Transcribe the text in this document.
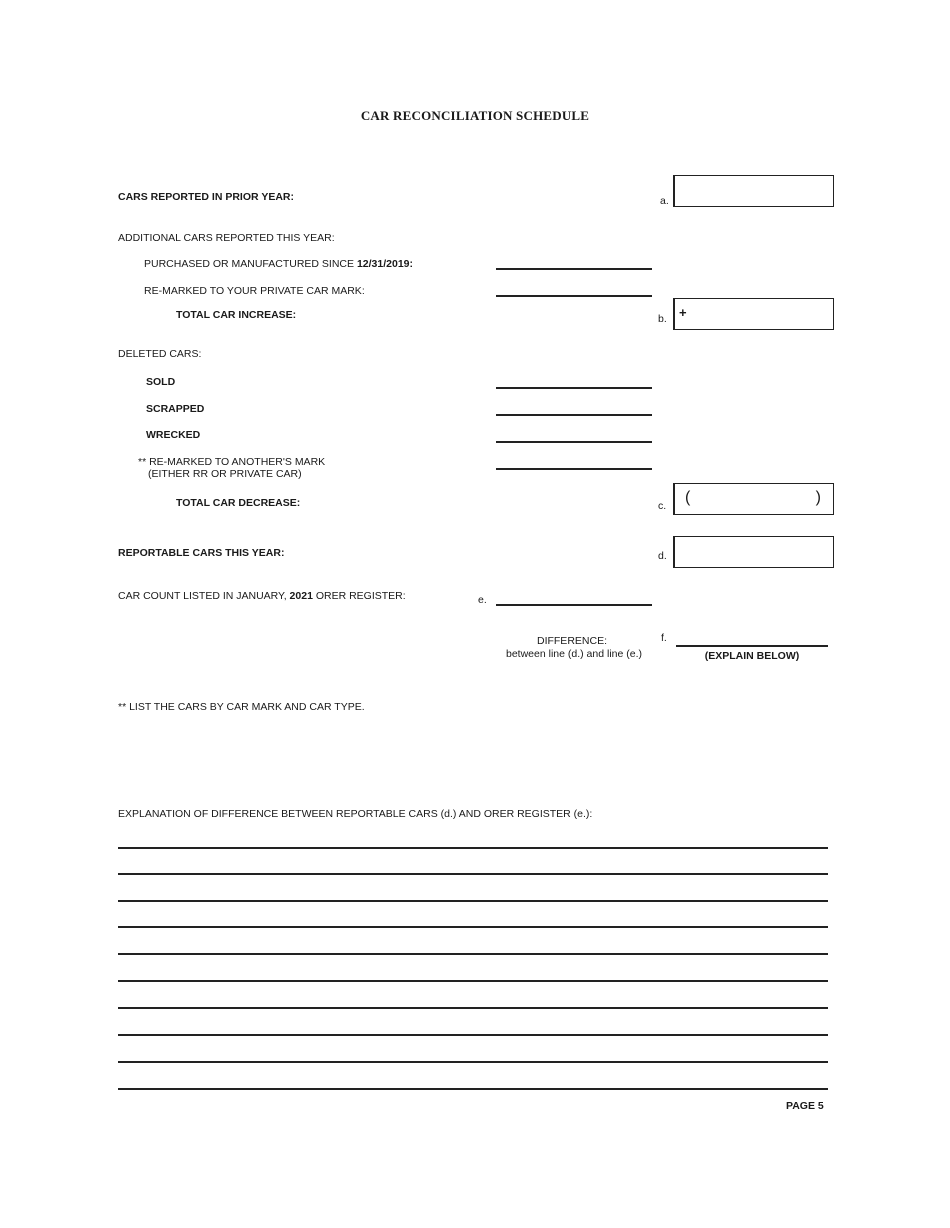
CAR RECONCILIATION SCHEDULE
CARS REPORTED IN PRIOR YEAR:	a.
ADDITIONAL CARS REPORTED THIS YEAR:
PURCHASED OR MANUFACTURED SINCE 12/31/2019:
RE-MARKED TO YOUR PRIVATE CAR MARK:
TOTAL CAR INCREASE:	b. +
DELETED CARS:
SOLD
SCRAPPED
WRECKED
** RE-MARKED TO ANOTHER'S MARK
(EITHER RR OR PRIVATE CAR)
TOTAL CAR DECREASE:	c. (	)
REPORTABLE CARS THIS YEAR:	d.
CAR COUNT LISTED IN JANUARY, 2021 ORER REGISTER:	e.
DIFFERENCE:
between line (d.) and line (e.)
f.
(EXPLAIN BELOW)
** LIST THE CARS BY CAR MARK AND CAR TYPE.
EXPLANATION OF DIFFERENCE BETWEEN REPORTABLE CARS (d.) AND ORER REGISTER (e.):
PAGE 5
